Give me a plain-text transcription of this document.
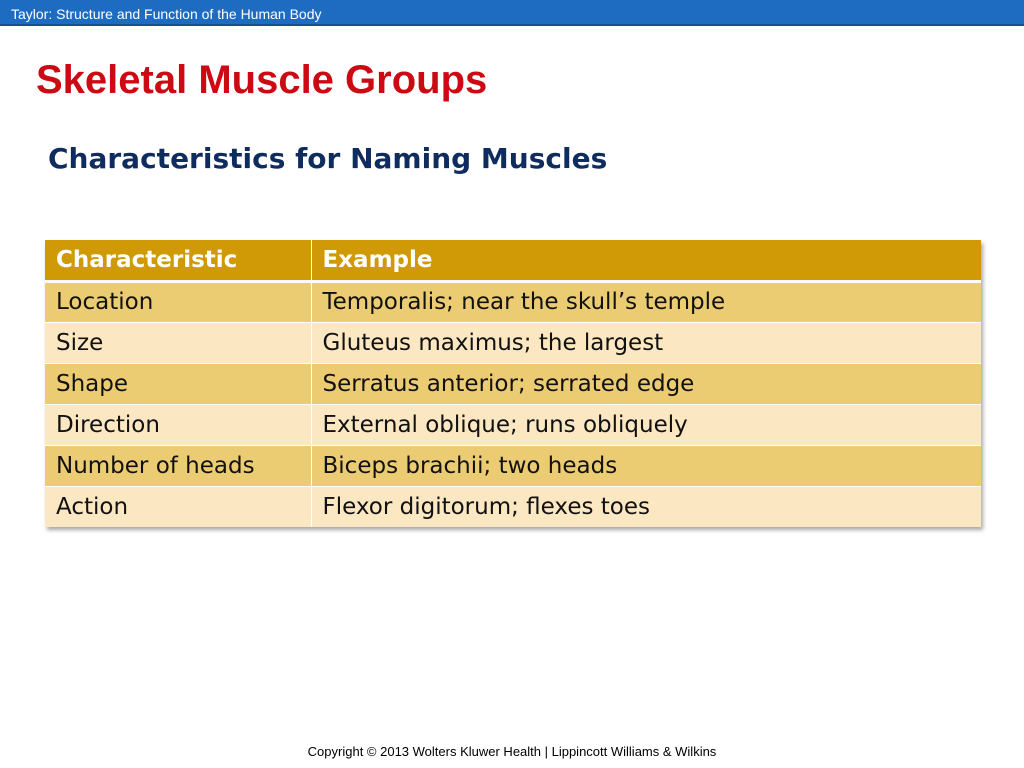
Taylor: Structure and Function of the Human Body
Skeletal Muscle Groups
Characteristics for Naming Muscles
Characteristic	Example
Location	Temporalis; near the skull’s temple
Size	Gluteus maximus; the largest
Shape	Serratus anterior; serrated edge
Direction	External oblique; runs obliquely
Number of heads	Biceps brachii; two heads
Action	Flexor digitorum; flexes toes
Copyright © 2013 Wolters Kluwer Health | Lippincott Williams & Wilkins
